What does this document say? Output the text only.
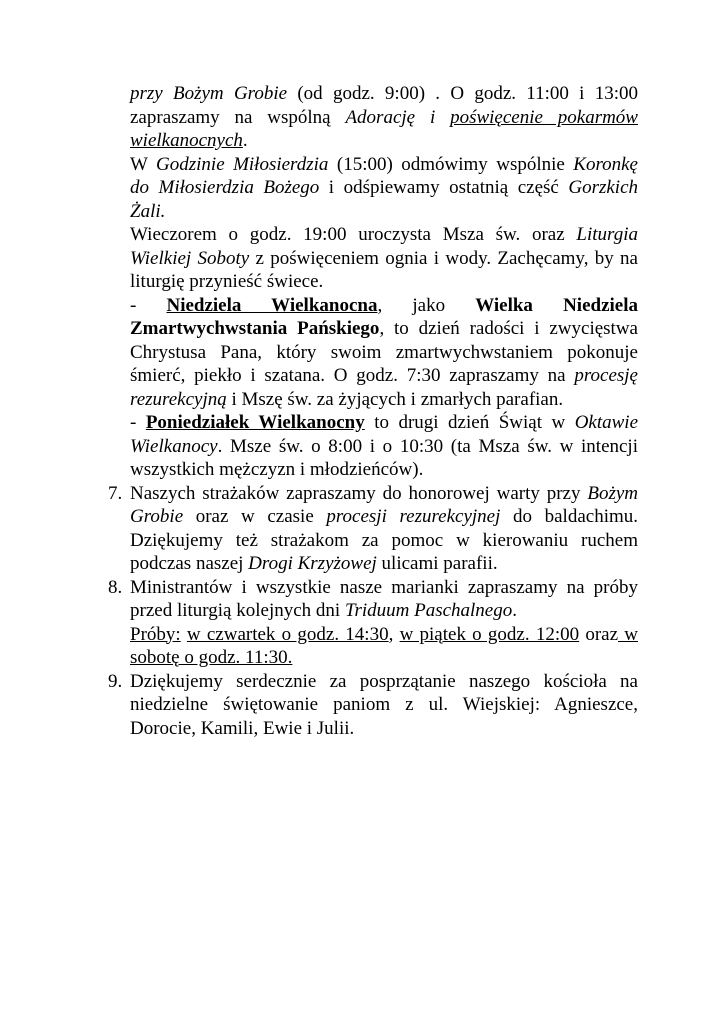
przy Bożym Grobie (od godz. 9:00) . O godz. 11:00 i 13:00 zapraszamy na wspólną Adorację i poświęcenie pokarmów wielkanocnych.

W Godzinie Miłosierdzia (15:00) odmówimy wspólnie Koronkę do Miłosierdzia Bożego i odśpiewamy ostatnią część Gorzkich Żali.

Wieczorem o godz. 19:00 uroczysta Msza św. oraz Liturgia Wielkiej Soboty z poświęceniem ognia i wody. Zachęcamy, by na liturgię przynieść świece.

- Niedziela Wielkanocna, jako Wielka Niedziela Zmartwychwstania Pańskiego, to dzień radości i zwycięstwa Chrystusa Pana, który swoim zmartwychwstaniem pokonuje śmierć, piekło i szatana. O godz. 7:30 zapraszamy na procesję rezurekcyjną i Mszę św. za żyjących i zmarłych parafian.

- Poniedziałek Wielkanocny to drugi dzień Świąt w Oktawie Wielkanocy. Msze św. o 8:00 i o 10:30 (ta Msza św. w intencji wszystkich mężczyzn i młodzieńców).

7. Naszych strażaków zapraszamy do honorowej warty przy Bożym Grobie oraz w czasie procesji rezurekcyjnej do baldachimu. Dziękujemy też strażakom za pomoc w kierowaniu ruchem podczas naszej Drogi Krzyżowej ulicami parafii.

8. Ministrantów i wszystkie nasze marianki zapraszamy na próby przed liturgią kolejnych dni Triduum Paschalnego.

Próby: w czwartek o godz. 14:30, w piątek o godz. 12:00 oraz w sobotę o godz. 11:30.

9. Dziękujemy serdecznie za posprzątanie naszego kościoła na niedzielne świętowanie paniom z ul. Wiejskiej: Agnieszce, Dorocie, Kamili, Ewie i Julii.
